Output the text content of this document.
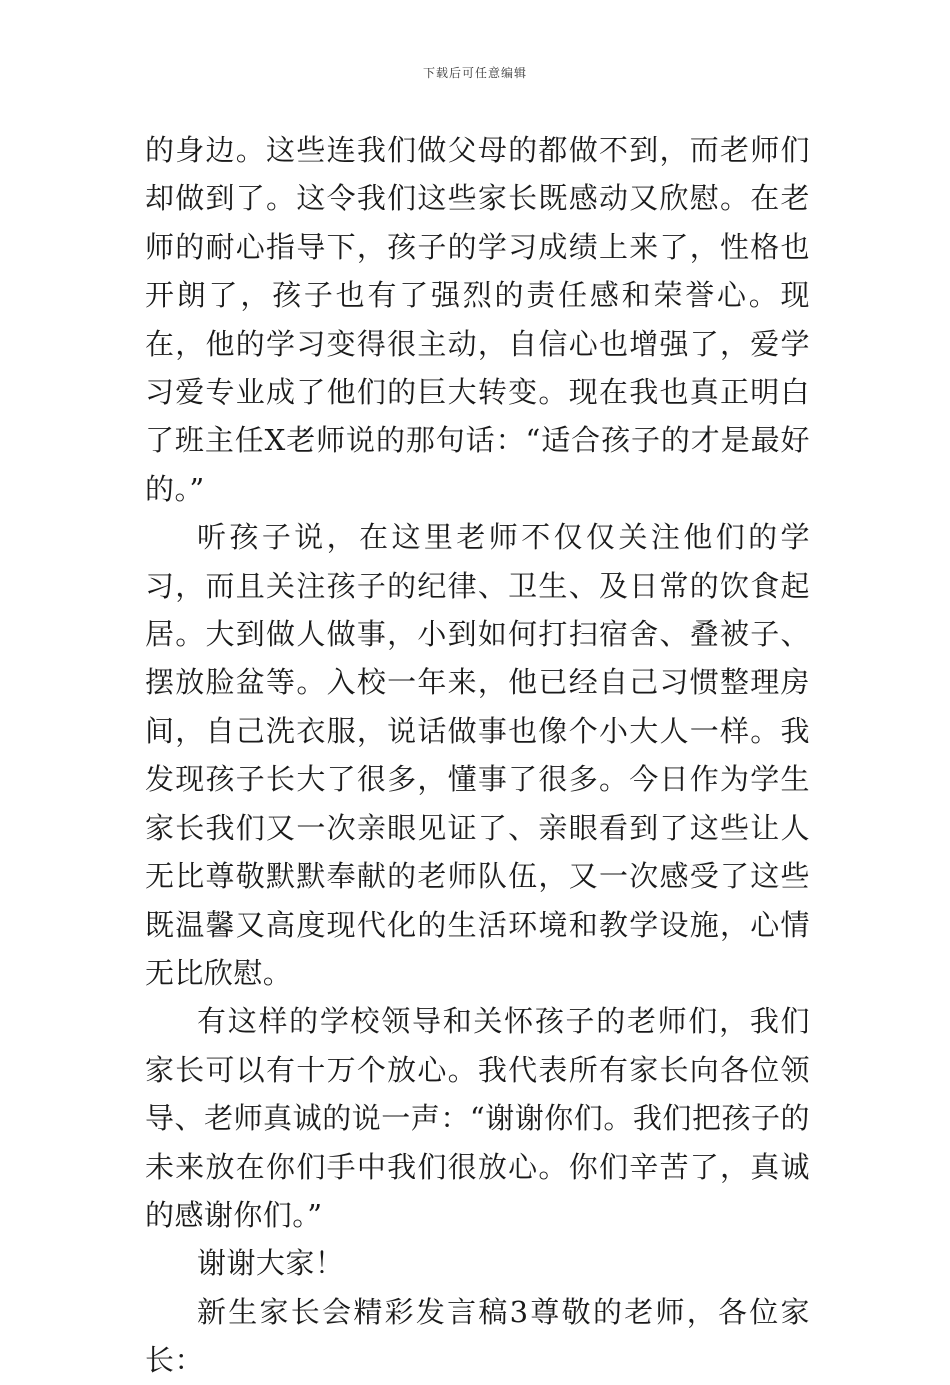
下载后可任意编辑

的身边。这些连我们做父母的都做不到，而老师们却做到了。这令我们这些家长既感动又欣慰。在老师的耐心指导下，孩子的学习成绩上来了，性格也开朗了，孩子也有了强烈的责任感和荣誉心。现在，他的学习变得很主动，自信心也增强了，爱学习爱专业成了他们的巨大转变。现在我也真正明白了班主任X老师说的那句话：“适合孩子的才是最好的。”

听孩子说，在这里老师不仅仅关注他们的学习，而且关注孩子的纪律、卫生、及日常的饮食起居。大到做人做事，小到如何打扫宿舍、叠被子、摆放脸盆等。入校一年来，他已经自己习惯整理房间，自己洗衣服，说话做事也像个小大人一样。我发现孩子长大了很多，懂事了很多。今日作为学生家长我们又一次亲眼见证了、亲眼看到了这些让人无比尊敬默默奉献的老师队伍，又一次感受了这些既温馨又高度现代化的生活环境和教学设施，心情无比欣慰。

有这样的学校领导和关怀孩子的老师们，我们家长可以有十万个放心。我代表所有家长向各位领导、老师真诚的说一声：“谢谢你们。我们把孩子的未来放在你们手中我们很放心。你们辛苦了，真诚的感谢你们。”

谢谢大家！

新生家长会精彩发言稿3尊敬的老师，各位家长：
